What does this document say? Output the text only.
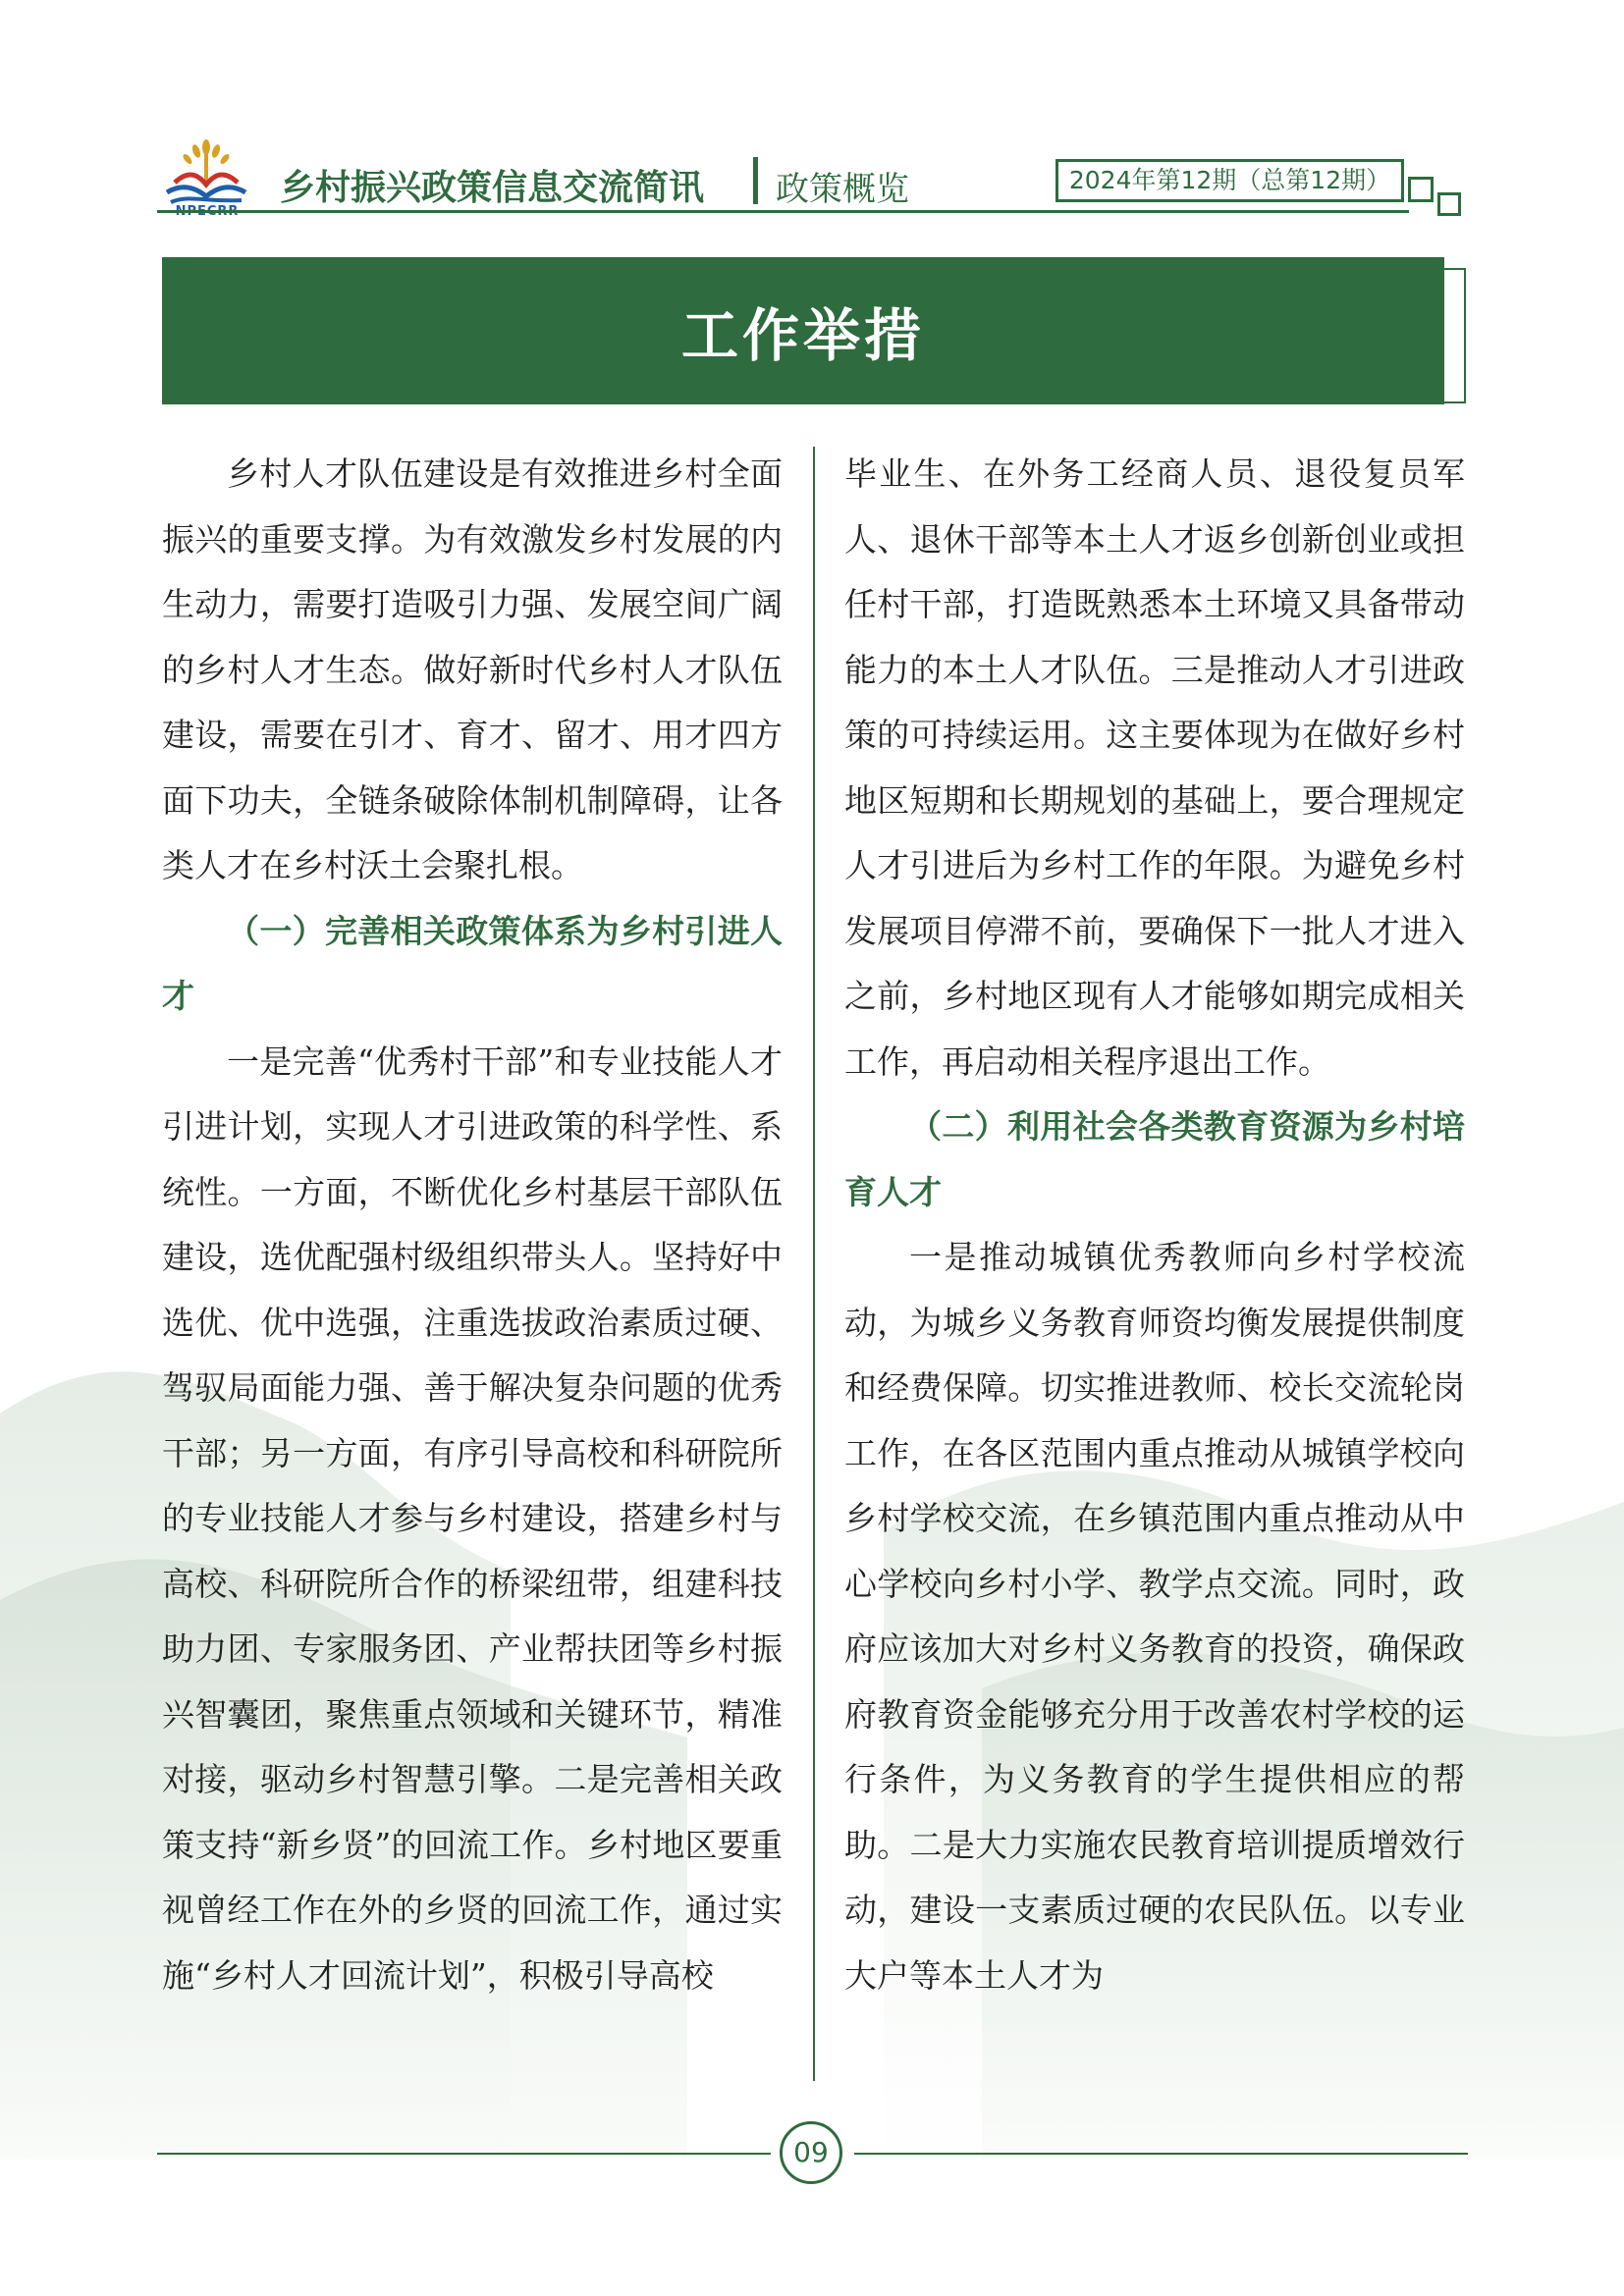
乡村振兴政策信息交流简讯 政策概览	2024年第12期（总第12期）
工作举措

乡村人才队伍建设是有效推进乡村全面振兴的重要支撑。为有效激发乡村发展的内生动力，需要打造吸引力强、发展空间广阔的乡村人才生态。做好新时代乡村人才队伍建设，需要在引才、育才、留才、用才四方面下功夫，全链条破除体制机制障碍，让各类人才在乡村沃土会聚扎根。

（一）完善相关政策体系为乡村引进人才

一是完善“优秀村干部”和专业技能人才引进计划，实现人才引进政策的科学性、系统性。一方面，不断优化乡村基层干部队伍建设，选优配强村级组织带头人。坚持好中选优、优中选强，注重选拔政治素质过硬、驾驭局面能力强、善于解决复杂问题的优秀干部；另一方面，有序引导高校和科研院所的专业技能人才参与乡村建设，搭建乡村与高校、科研院所合作的桥梁纽带，组建科技助力团、专家服务团、产业帮扶团等乡村振兴智囊团，聚焦重点领域和关键环节，精准对接，驱动乡村智慧引擎。二是完善相关政策支持“新乡贤”的回流工作。乡村地区要重视曾经工作在外的乡贤的回流工作，通过实施“乡村人才回流计划”，积极引导高校

毕业生、在外务工经商人员、退役复员军人、退休干部等本土人才返乡创新创业或担任村干部，打造既熟悉本土环境又具备带动能力的本土人才队伍。三是推动人才引进政策的可持续运用。这主要体现为在做好乡村地区短期和长期规划的基础上，要合理规定人才引进后为乡村工作的年限。为避免乡村发展项目停滞不前，要确保下一批人才进入之前，乡村地区现有人才能够如期完成相关工作，再启动相关程序退出工作。

（二）利用社会各类教育资源为乡村培育人才

一是推动城镇优秀教师向乡村学校流动，为城乡义务教育师资均衡发展提供制度和经费保障。切实推进教师、校长交流轮岗工作，在各区范围内重点推动从城镇学校向乡村学校交流，在乡镇范围内重点推动从中心学校向乡村小学、教学点交流。同时，政府应该加大对乡村义务教育的投资，确保政府教育资金能够充分用于改善农村学校的运行条件，为义务教育的学生提供相应的帮助。二是大力实施农民教育培训提质增效行动，建设一支素质过硬的农民队伍。以专业大户等本土人才为

09
